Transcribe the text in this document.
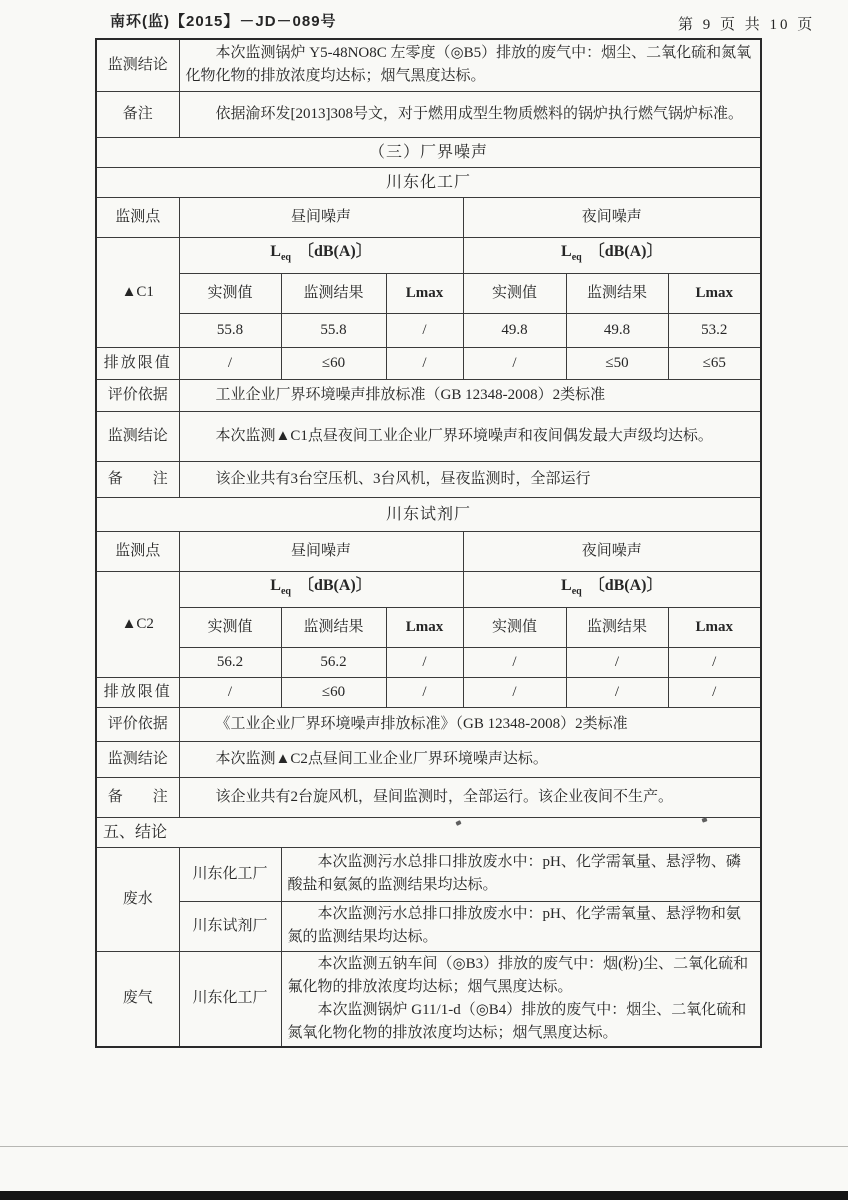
南环(监)【2015】－JD－089号	第 9 页 共 10 页
监测结论	本次监测锅炉 Y5-48NO8C 左零度（◎B5）排放的废气中：烟尘、二氧化硫和氮氧化物化物的排放浓度均达标；烟气黑度达标。					
备注	依据渝环发[2013]308号文，对于燃用成型生物质燃料的锅炉执行燃气锅炉标准。					
（三）厂界噪声						
川东化工厂						
监测点	昼间噪声			夜间噪声		
▲C1	$L_{eq}$ 〔dB(A)〕			$L_{eq}$ 〔dB(A)〕		
	实测值	监测结果	Lmax	实测值	监测结果	Lmax
	55.8	55.8	/	49.8	49.8	53.2
排放限值	/	≤60	/	/	≤50	≤65
评价依据	工业企业厂界环境噪声排放标准（GB 12348-2008）2类标准					
监测结论	本次监测▲C1点昼夜间工业企业厂界环境噪声和夜间偶发最大声级均达标。					
备　　注	该企业共有3台空压机、3台风机，昼夜监测时，全部运行					
川东试剂厂						
监测点	昼间噪声			夜间噪声		
▲C2	$L_{eq}$ 〔dB(A)〕			$L_{eq}$ 〔dB(A)〕		
	实测值	监测结果	Lmax	实测值	监测结果	Lmax
	56.2	56.2	/	/	/	/
排放限值	/	≤60	/	/	/	/
评价依据	《工业企业厂界环境噪声排放标准》（GB 12348-2008）2类标准					
监测结论	本次监测▲C2点昼间工业企业厂界环境噪声达标。					
备　　注	该企业共有2台旋风机，昼间监测时，全部运行。该企业夜间不生产。					
五、结论						
废水	川东化工厂	本次监测污水总排口排放废水中：pH、化学需氧量、悬浮物、磷酸盐和氨氮的监测结果均达标。				
	川东试剂厂	本次监测污水总排口排放废水中：pH、化学需氧量、悬浮物和氨氮的监测结果均达标。				
废气	川东化工厂	本次监测五钠车间（◎B3）排放的废气中：烟(粉)尘、二氧化硫和氟化物的排放浓度均达标；烟气黑度达标。

本次监测锅炉 G11/1-d（◎B4）排放的废气中：烟尘、二氧化硫和氮氧化物化物的排放浓度均达标；烟气黑度达标。				
